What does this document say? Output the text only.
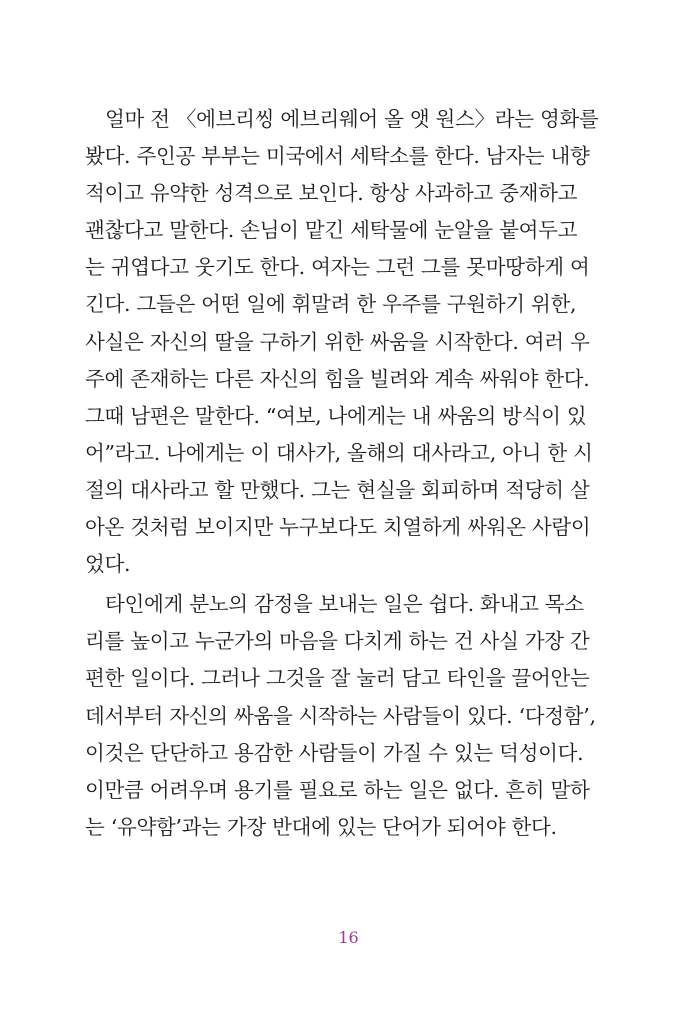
얼마 전 〈에브리씽 에브리웨어 올 앳 원스〉라는 영화를
봤다. 주인공 부부는 미국에서 세탁소를 한다. 남자는 내향
적이고 유약한 성격으로 보인다. 항상 사과하고 중재하고
괜찮다고 말한다. 손님이 맡긴 세탁물에 눈알을 붙여두고
는 귀엽다고 웃기도 한다. 여자는 그런 그를 못마땅하게 여
긴다. 그들은 어떤 일에 휘말려 한 우주를 구원하기 위한,
사실은 자신의 딸을 구하기 위한 싸움을 시작한다. 여러 우
주에 존재하는 다른 자신의 힘을 빌려와 계속 싸워야 한다.
그때 남편은 말한다. “여보, 나에게는 내 싸움의 방식이 있
어”라고. 나에게는 이 대사가, 올해의 대사라고, 아니 한 시
절의 대사라고 할 만했다. 그는 현실을 회피하며 적당히 살
아온 것처럼 보이지만 누구보다도 치열하게 싸워온 사람이
었다.
타인에게 분노의 감정을 보내는 일은 쉽다. 화내고 목소
리를 높이고 누군가의 마음을 다치게 하는 건 사실 가장 간
편한 일이다. 그러나 그것을 잘 눌러 담고 타인을 끌어안는
데서부터 자신의 싸움을 시작하는 사람들이 있다. ‘다정함’,
이것은 단단하고 용감한 사람들이 가질 수 있는 덕성이다.
이만큼 어려우며 용기를 필요로 하는 일은 없다. 흔히 말하
는 ‘유약함’과는 가장 반대에 있는 단어가 되어야 한다.
16
